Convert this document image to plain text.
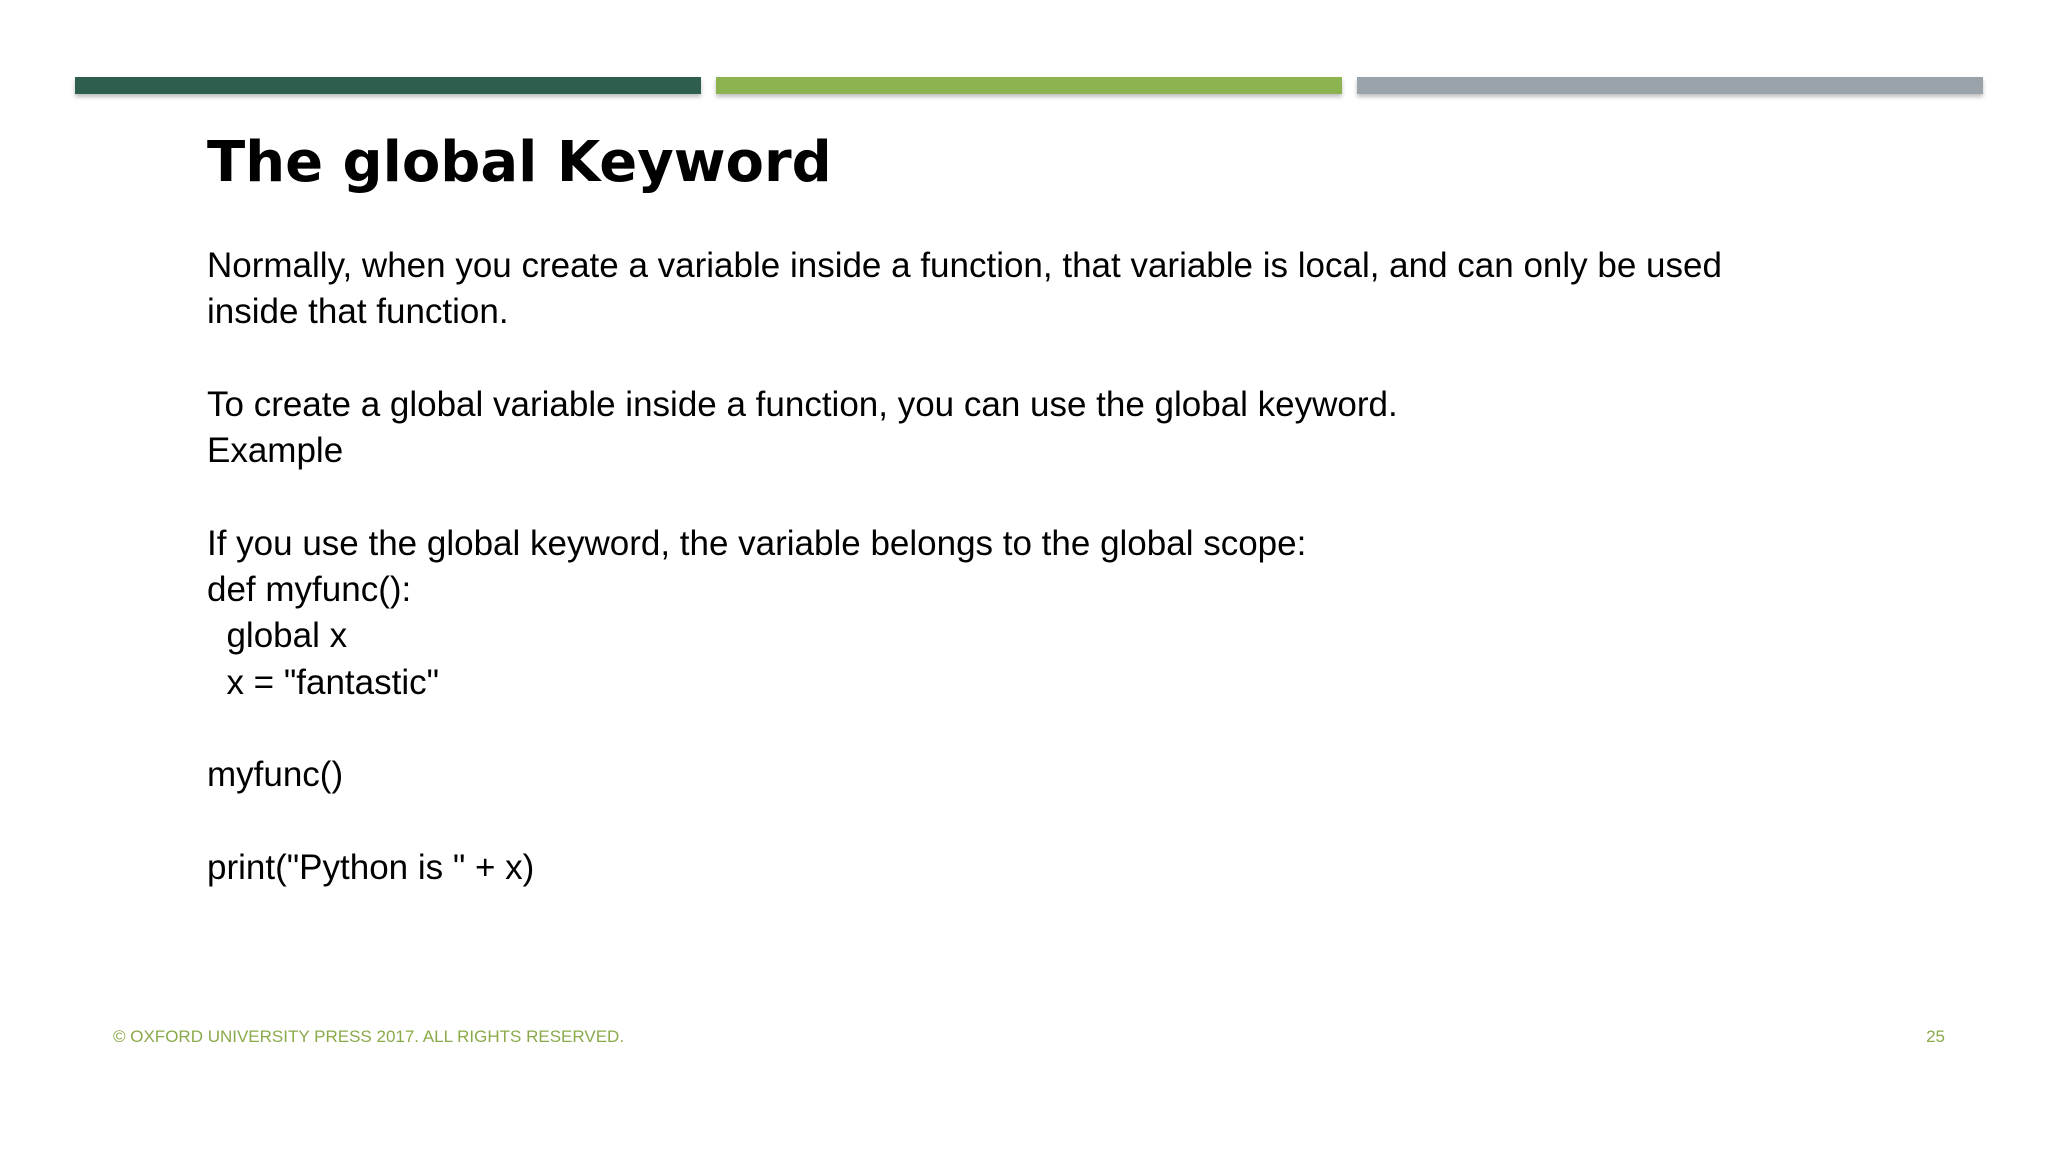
The global Keyword
Normally, when you create a variable inside a function, that variable is local, and can only be used
inside that function.
To create a global variable inside a function, you can use the global keyword.
Example
If you use the global keyword, the variable belongs to the global scope:
def myfunc():
global x
x = "fantastic"
myfunc()
print("Python is " + x)
© OXFORD UNIVERSITY PRESS 2017. ALL RIGHTS RESERVED.	25
